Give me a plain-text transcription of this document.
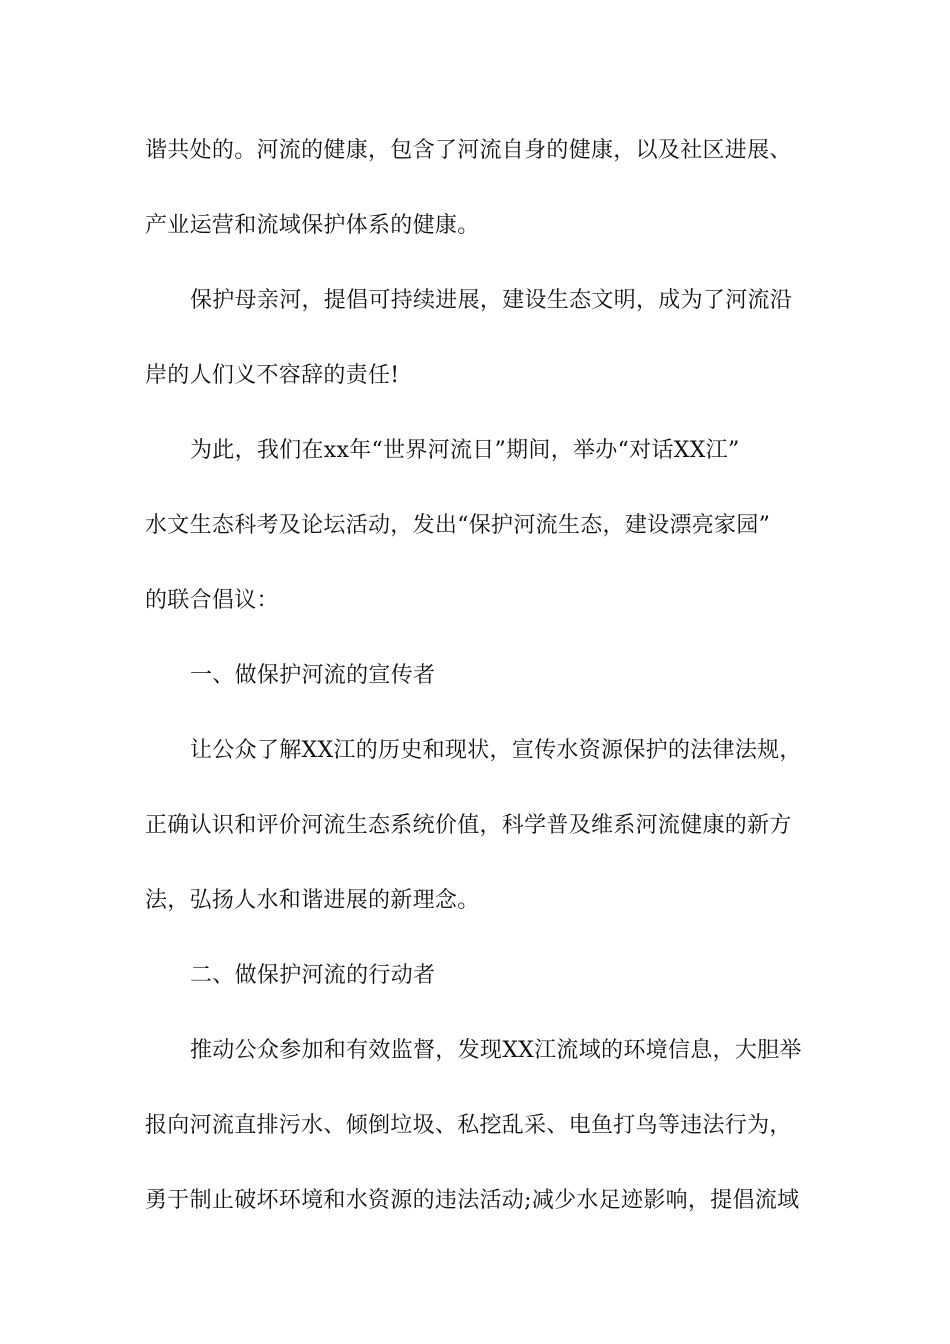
谐共处的。河流的健康，包含了河流自身的健康，以及社区进展、

产业运营和流域保护体系的健康。

保护母亲河，提倡可持续进展，建设生态文明，成为了河流沿

岸的人们义不容辞的责任!

为此，我们在xx年“世界河流日”期间，举办“对话XX江”

水文生态科考及论坛活动，发出“保护河流生态，建设漂亮家园”

的联合倡议：

一、做保护河流的宣传者

让公众了解XX江的历史和现状，宣传水资源保护的法律法规，

正确认识和评价河流生态系统价值，科学普及维系河流健康的新方

法，弘扬人水和谐进展的新理念。

二、做保护河流的行动者

推动公众参加和有效监督，发现XX江流域的环境信息，大胆举

报向河流直排污水、倾倒垃圾、私挖乱采、电鱼打鸟等违法行为，

勇于制止破坏环境和水资源的违法活动;减少水足迹影响，提倡流域
